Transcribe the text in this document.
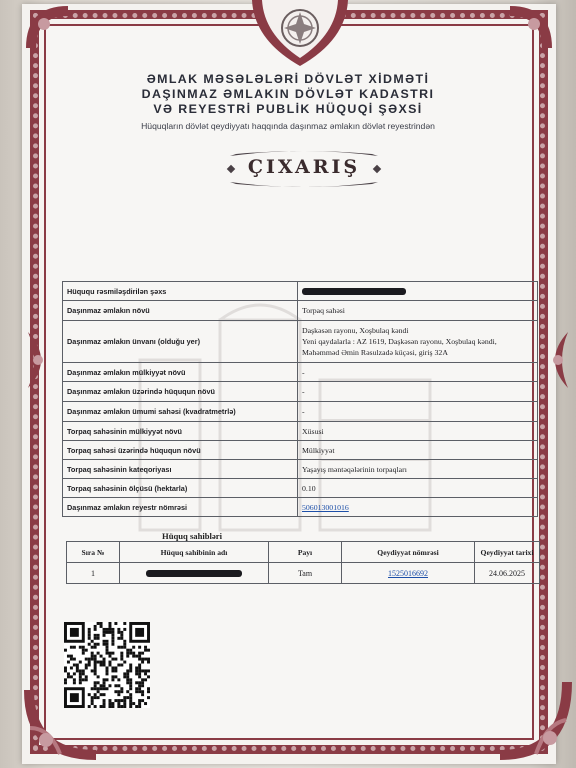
ƏMLAK MƏSƏLƏLƏRİ DÖVLƏT XİDMƏTİ
DAŞINMAZ ƏMLAKIN DÖVLƏT KADASTRI
VƏ REYESTRİ PUBLİK HÜQUQİ ŞƏXSİ
Hüquqların dövlət qeydiyyatı haqqında daşınmaz əmlakın dövlət reyestrindən
ÇIXARIŞ
Hüququ rəsmiləşdirilən şəxs	
Daşınmaz əmlakın növü	Torpaq sahəsi
Daşınmaz əmlakın ünvanı (olduğu yer)	Daşkəsən rayonu, Xoşbulaq kəndi
Yeni qaydalarla : AZ 1619, Daşkəsən rayonu, Xoşbulaq kəndi,
Məhəmməd Əmin Rəsulzadə küçəsi, giriş 32A

Daşınmaz əmlakın mülkiyyət növü	-
Daşınmaz əmlakın üzərində hüququn növü	-
Daşınmaz əmlakın ümumi sahəsi (kvadratmetrlə)	-
Torpaq sahəsinin mülkiyyət növü	Xüsusi
Torpaq sahəsi üzərində hüququn növü	Mülkiyyət
Torpaq sahəsinin kateqoriyası	Yaşayış məntəqələrinin torpaqları
Torpaq sahəsinin ölçüsü (hektarla)	0.10
Daşınmaz əmlakın reyestr nömrəsi	506013001016
Hüquq sahibləri
Sıra №	Hüquq sahibinin adı	Payı	Qeydiyyat nömrəsi	Qeydiyyat tarixi
1		Tam	1525016692	24.06.2025
